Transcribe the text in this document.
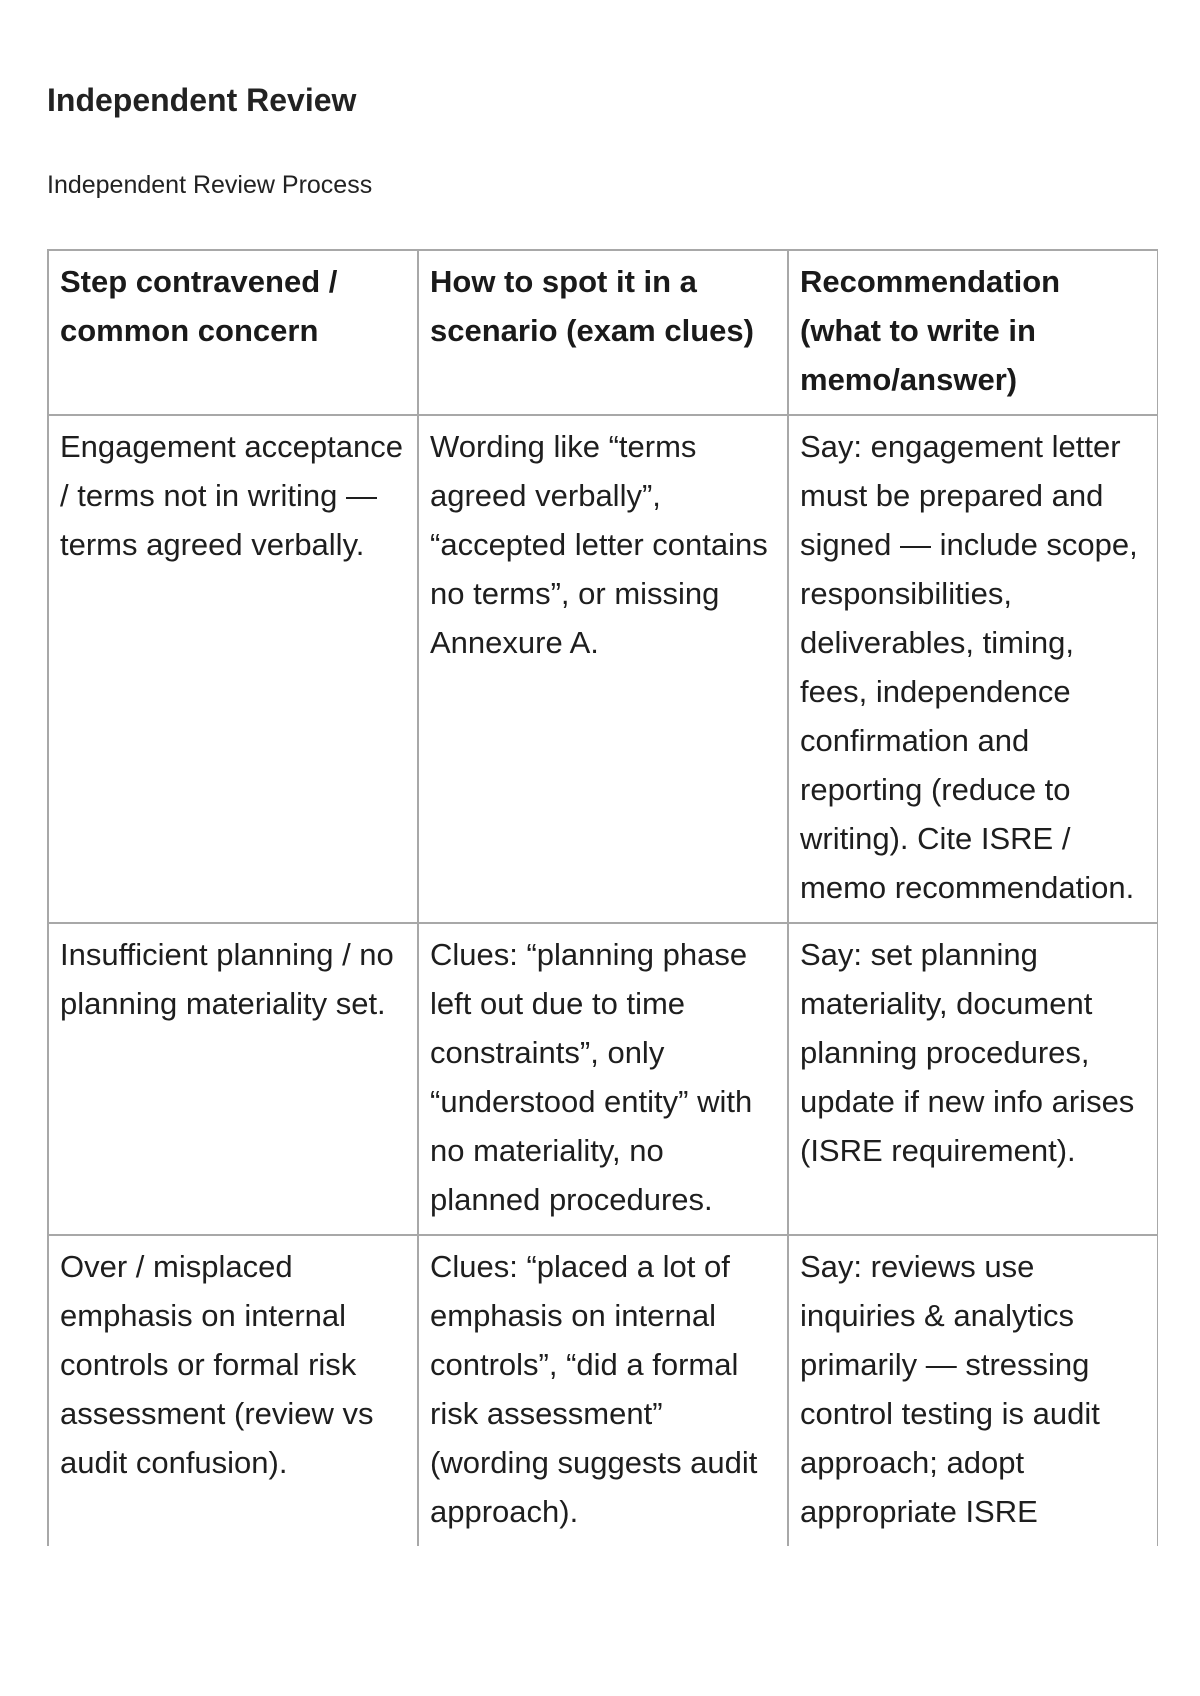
Independent Review
Independent Review Process
Step contravened / common concern	How to spot it in a scenario (exam clues)	Recommendation (what to write in memo/answer)
Engagement acceptance / terms not in writing — terms agreed verbally.	Wording like “terms agreed verbally”, “accepted letter contains no terms”, or missing Annexure A.	Say: engagement letter must be prepared and signed — include scope, responsibilities, deliverables, timing, fees, independence confirmation and reporting (reduce to writing). Cite ISRE / memo recommendation.
Insufficient planning / no planning materiality set.	Clues: “planning phase left out due to time constraints”, only “understood entity” with no materiality, no planned procedures.	Say: set planning materiality, document planning procedures, update if new info arises (ISRE requirement).
Over / misplaced emphasis on internal controls or formal risk assessment (review vs audit confusion).	Clues: “placed a lot of emphasis on internal controls”, “did a formal risk assessment” (wording suggests audit approach).	Say: reviews use inquiries & analytics primarily — stressing control testing is audit approach; adopt appropriate ISRE
